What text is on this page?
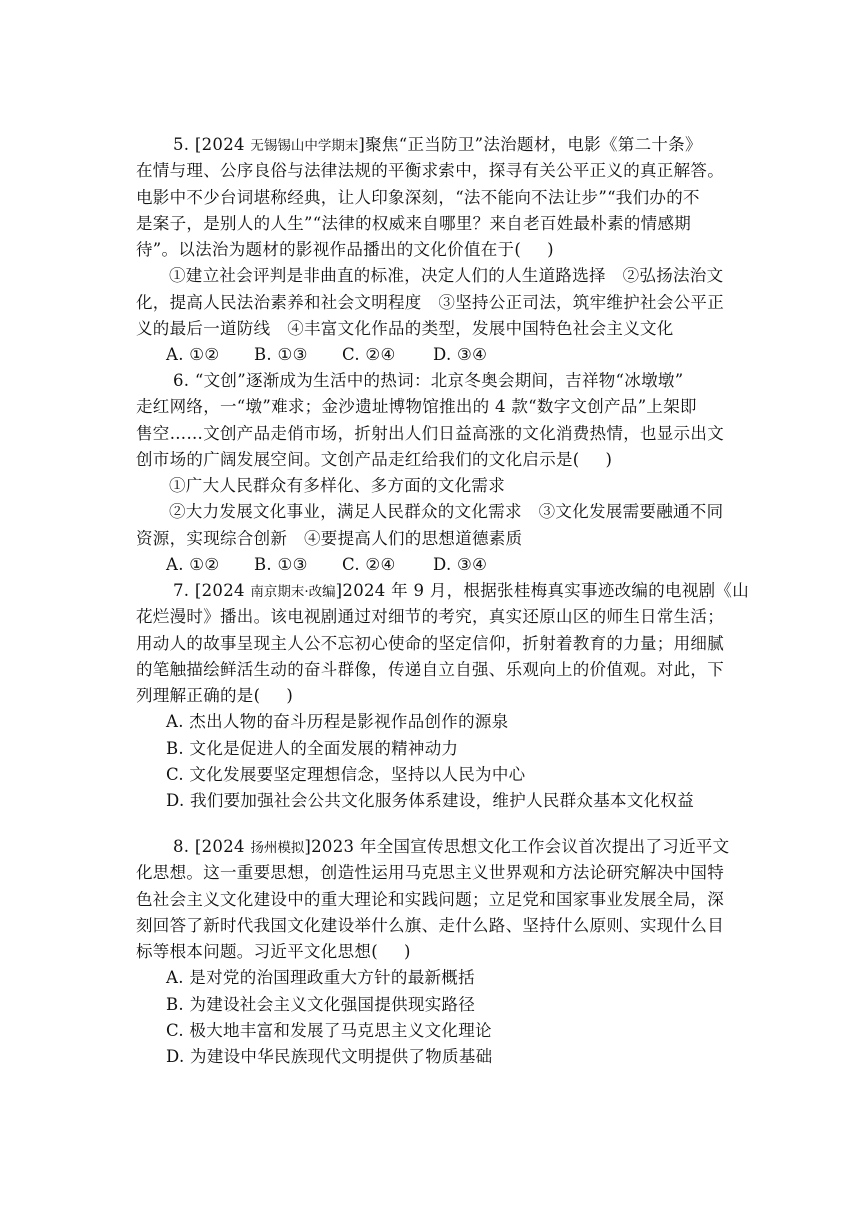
5. [2024 无锡锡山中学期末]聚焦“正当防卫”法治题材，电影《第二十条》
在情与理、公序良俗与法律法规的平衡求索中，探寻有关公平正义的真正解答。
电影中不少台词堪称经典，让人印象深刻，“法不能向不法让步”“我们办的不
是案子，是别人的人生”“法律的权威来自哪里？来自老百姓最朴素的情感期
待”。以法治为题材的影视作品播出的文化价值在于( )
①建立社会评判是非曲直的标准，决定人们的人生道路选择　②弘扬法治文
化，提高人民法治素养和社会文明程度　③坚持公正司法，筑牢维护社会公平正
义的最后一道防线　④丰富文化作品的类型，发展中国特色社会主义文化
A. ①② B. ①③ C. ②④ D. ③④
6. “文创”逐渐成为生活中的热词：北京冬奥会期间，吉祥物“冰墩墩”
走红网络，一“墩”难求；金沙遗址博物馆推出的 4 款“数字文创产品”上架即
售空……文创产品走俏市场，折射出人们日益高涨的文化消费热情，也显示出文
创市场的广阔发展空间。文创产品走红给我们的文化启示是( )
①广大人民群众有多样化、多方面的文化需求
②大力发展文化事业，满足人民群众的文化需求　③文化发展需要融通不同
资源，实现综合创新　④要提高人们的思想道德素质
A. ①② B. ①③ C. ②④ D. ③④
7. [2024 南京期末·改编]2024 年 9 月，根据张桂梅真实事迹改编的电视剧《山
花烂漫时》播出。该电视剧通过对细节的考究，真实还原山区的师生日常生活；
用动人的故事呈现主人公不忘初心使命的坚定信仰，折射着教育的力量；用细腻
的笔触描绘鲜活生动的奋斗群像，传递自立自强、乐观向上的价值观。对此，下
列理解正确的是( )
A. 杰出人物的奋斗历程是影视作品创作的源泉
B. 文化是促进人的全面发展的精神动力
C. 文化发展要坚定理想信念，坚持以人民为中心
D. 我们要加强社会公共文化服务体系建设，维护人民群众基本文化权益
8. [2024 扬州模拟]2023 年全国宣传思想文化工作会议首次提出了习近平文
化思想。这一重要思想，创造性运用马克思主义世界观和方法论研究解决中国特
色社会主义文化建设中的重大理论和实践问题；立足党和国家事业发展全局，深
刻回答了新时代我国文化建设举什么旗、走什么路、坚持什么原则、实现什么目
标等根本问题。习近平文化思想( )
A. 是对党的治国理政重大方针的最新概括
B. 为建设社会主义文化强国提供现实路径
C. 极大地丰富和发展了马克思主义文化理论
D. 为建设中华民族现代文明提供了物质基础
